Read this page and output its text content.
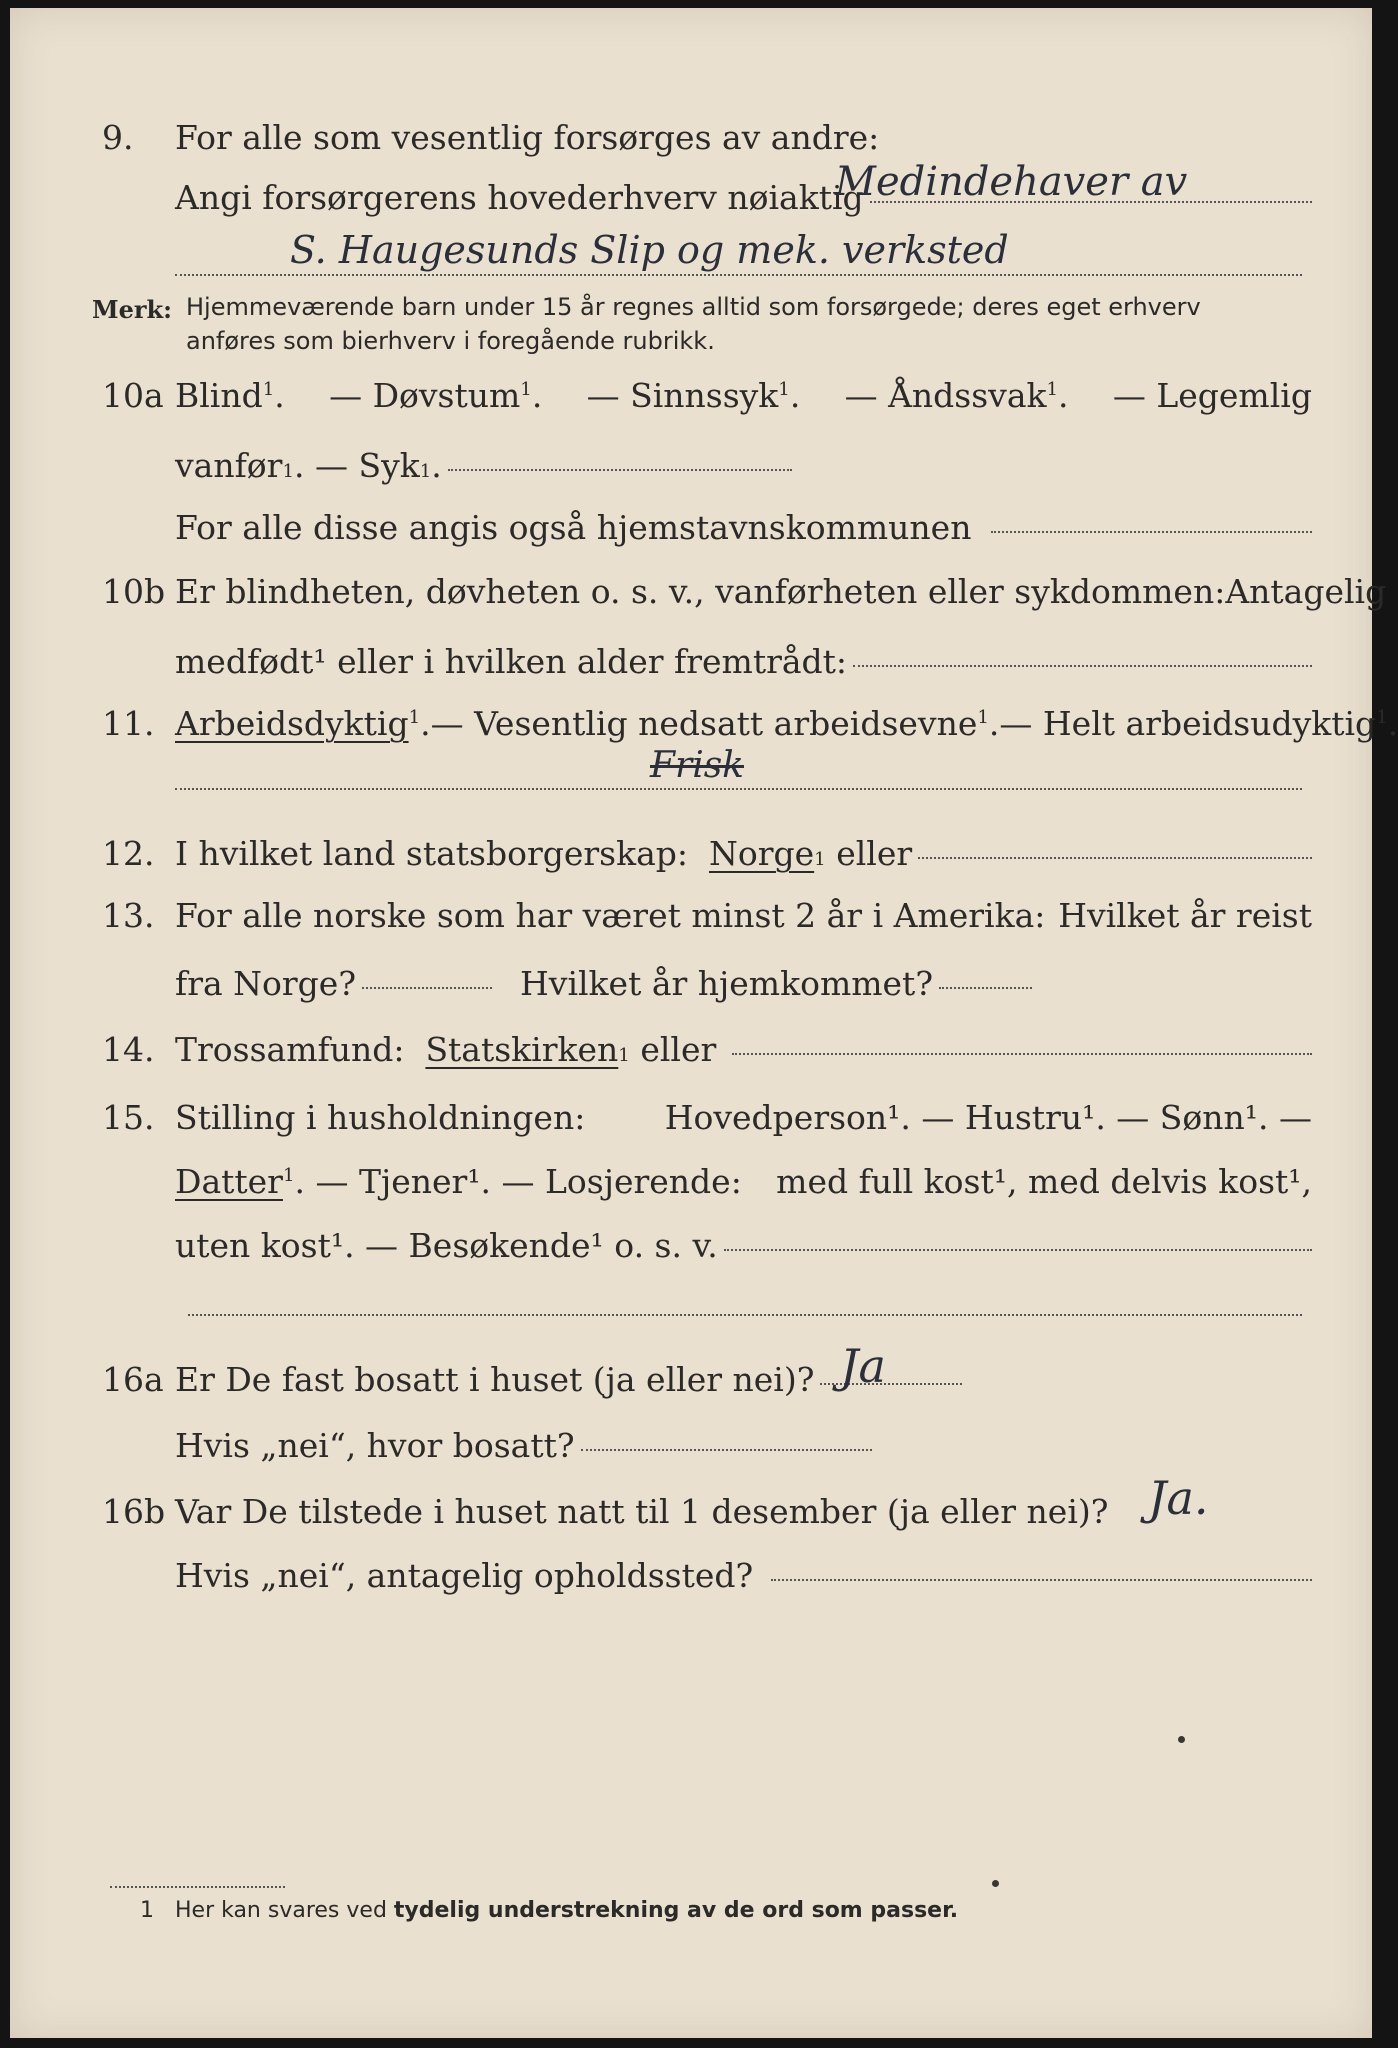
9. For alle som vesentlig forsørges av andre:
Angi forsørgerens hovederhverv nøiaktig
Medindehaver av
S. Haugesunds Slip og mek. verksted
Merk: Hjemmeværende barn under 15 år regnes alltid som forsørgede; deres eget erhverv
anføres som bierhverv i foregående rubrikk.
10a Blind$^1$. — Døvstum$^1$. — Sinnssyk$^1$. — Åndssvak$^1$. — Legemlig
vanfør 1 . — Syk 1 .
For alle disse angis også hjemstavnskommunen
10b Er blindheten, døvheten o. s. v., vanførheten eller sykdommen: Antagelig
medfødt¹ eller i hvilken alder fremtrådt:
11. Arbeidsdyktig$^1$. — Vesentlig nedsatt arbeidsevne$^1$. — Helt arbeidsudyktig$^1$.
Frisk
12. I hvilket land statsborgerskap:
Norge 1
eller
13. For alle norske som har været minst 2 år i Amerika: Hvilket år reist
fra Norge?	Hvilket år hjemkommet?
14. Trossamfund:
Statskirken 1
eller
15. Stilling i husholdningen: Hovedperson¹. — Hustru¹. — Sønn¹. —
Datter$^1$. — Tjener¹. — Losjerende: med full kost¹, med delvis kost¹,
uten kost¹. — Besøkende¹ o. s. v.
16a Er De fast bosatt i huset (ja eller nei)? Ja
Hvis „nei“, hvor bosatt?
16b Var De tilstede i huset natt til 1 desember (ja eller nei)? Ja.
Hvis „nei“, antagelig opholdssted?
1 Her kan svares ved tydelig understrekning av de ord som passer.
